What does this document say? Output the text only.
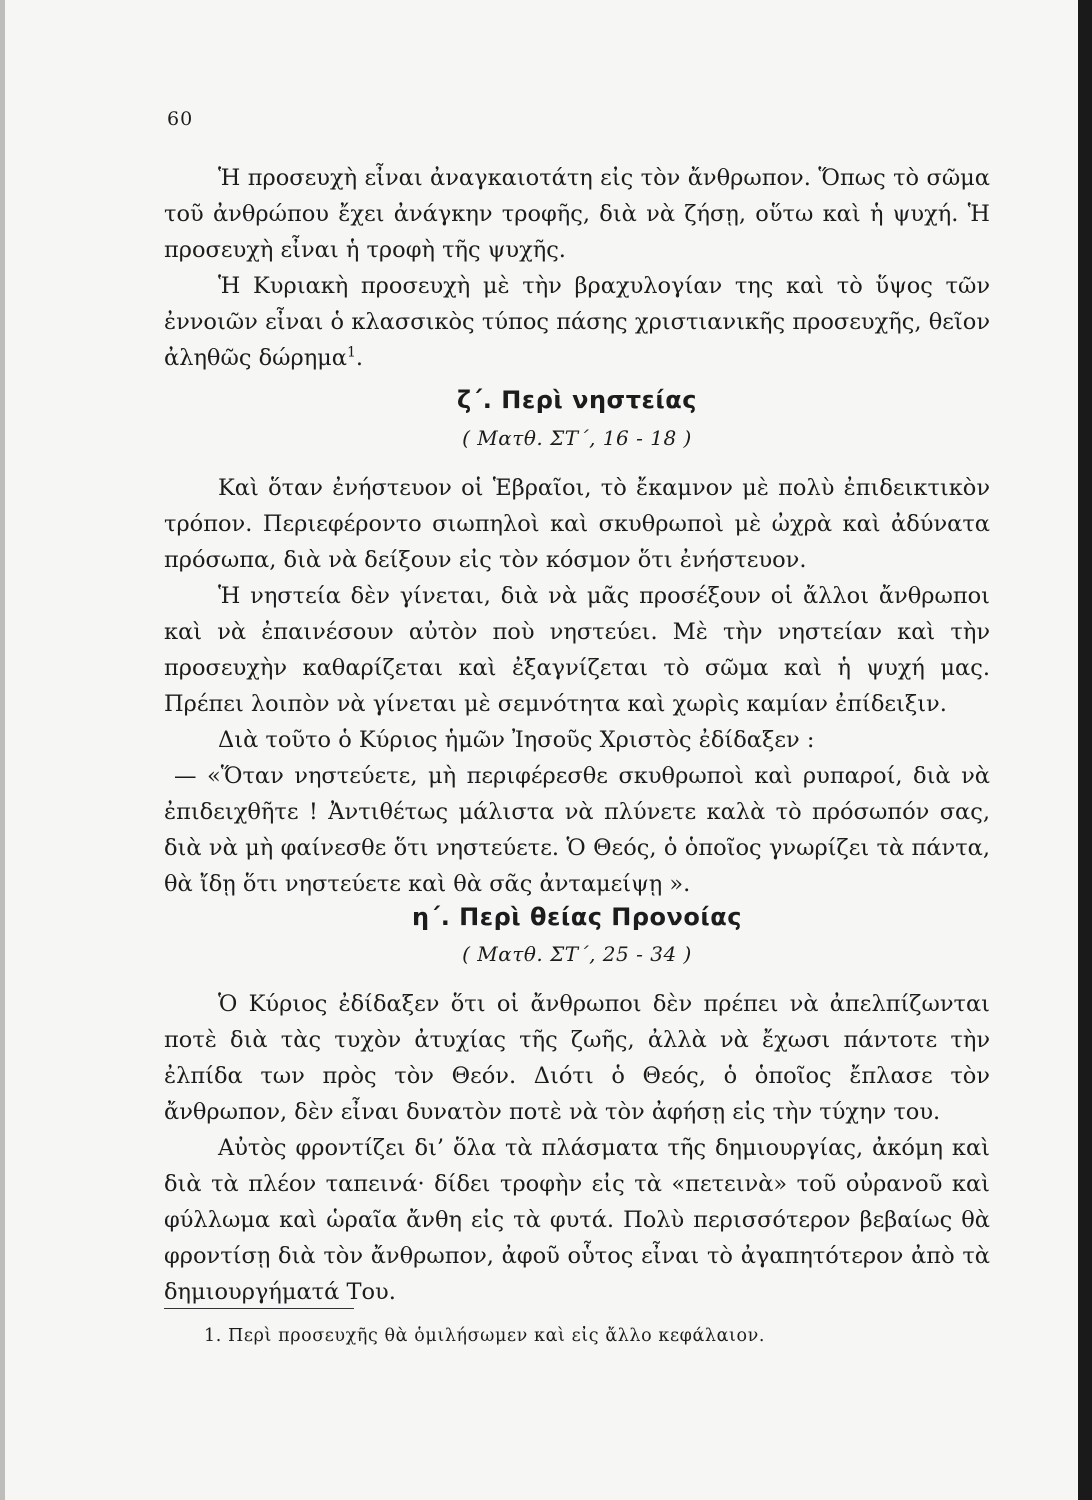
60

Ἡ προσευχὴ εἶναι ἀναγκαιοτάτη εἰς τὸν ἄνθρωπον. Ὅπως τὸ σῶμα τοῦ ἀνθρώπου ἔχει ἀνάγκην τροφῆς, διὰ νὰ ζήσῃ, οὕτω καὶ ἡ ψυχή. Ἡ προσευχὴ εἶναι ἡ τροφὴ τῆς ψυχῆς.

Ἡ Κυριακὴ προσευχὴ μὲ τὴν βραχυλογίαν της καὶ τὸ ὕψος τῶν ἐννοιῶν εἶναι ὁ κλασσικὸς τύπος πάσης χριστιανικῆς προσευχῆς, θεῖον ἀληθῶς δώρημα$^1$.

ζ΄. Περὶ νηστείας
( Ματθ. ΣΤ΄, 16 - 18 )

Καὶ ὅταν ἐνήστευον οἱ Ἑβραῖοι, τὸ ἔκαμνον μὲ πολὺ ἐπιδεικτικὸν τρόπον. Περιεφέροντο σιωπηλοὶ καὶ σκυθρωποὶ μὲ ὠχρὰ καὶ ἀδύνατα πρόσωπα, διὰ νὰ δείξουν εἰς τὸν κόσμον ὅτι ἐνήστευον.

Ἡ νηστεία δὲν γίνεται, διὰ νὰ μᾶς προσέξουν οἱ ἄλλοι ἄνθρωποι καὶ νὰ ἐπαινέσουν αὐτὸν ποὺ νηστεύει. Μὲ τὴν νηστείαν καὶ τὴν προσευχὴν καθαρίζεται καὶ ἐξαγνίζεται τὸ σῶμα καὶ ἡ ψυχή μας. Πρέπει λοιπὸν νὰ γίνεται μὲ σεμνότητα καὶ χωρὶς καμίαν ἐπίδειξιν.

Διὰ τοῦτο ὁ Κύριος ἡμῶν Ἰησοῦς Χριστὸς ἐδίδαξεν :

— «Ὅταν νηστεύετε, μὴ περιφέρεσθε σκυθρωποὶ καὶ ρυπαροί, διὰ νὰ ἐπιδειχθῆτε ! Ἀντιθέτως μάλιστα νὰ πλύνετε καλὰ τὸ πρόσωπόν σας, διὰ νὰ μὴ φαίνεσθε ὅτι νηστεύετε. Ὁ Θεός, ὁ ὁποῖος γνωρίζει τὰ πάντα, θὰ ἴδῃ ὅτι νηστεύετε καὶ θὰ σᾶς ἀνταμείψῃ ».

η΄. Περὶ θείας Προνοίας
( Ματθ. ΣΤ΄, 25 - 34 )

Ὁ Κύριος ἐδίδαξεν ὅτι οἱ ἄνθρωποι δὲν πρέπει νὰ ἀπελπίζωνται ποτὲ διὰ τὰς τυχὸν ἀτυχίας τῆς ζωῆς, ἀλλὰ νὰ ἔχωσι πάντοτε τὴν ἐλπίδα των πρὸς τὸν Θεόν. Διότι ὁ Θεός, ὁ ὁποῖος ἔπλασε τὸν ἄνθρωπον, δὲν εἶναι δυνατὸν ποτὲ νὰ τὸν ἀφήσῃ εἰς τὴν τύχην του.

Αὐτὸς φροντίζει δι’ ὅλα τὰ πλάσματα τῆς δημιουργίας, ἀκόμη καὶ διὰ τὰ πλέον ταπεινά· δίδει τροφὴν εἰς τὰ «πετεινὰ» τοῦ οὐρανοῦ καὶ φύλλωμα καὶ ὡραῖα ἄνθη εἰς τὰ φυτά. Πολὺ περισσότερον βεβαίως θὰ φροντίσῃ διὰ τὸν ἄνθρωπον, ἀφοῦ οὗτος εἶναι τὸ ἀγαπητότερον ἀπὸ τὰ δημιουργήματά Του.

1. Περὶ προσευχῆς θὰ ὁμιλήσωμεν καὶ εἰς ἄλλο κεφάλαιον.
